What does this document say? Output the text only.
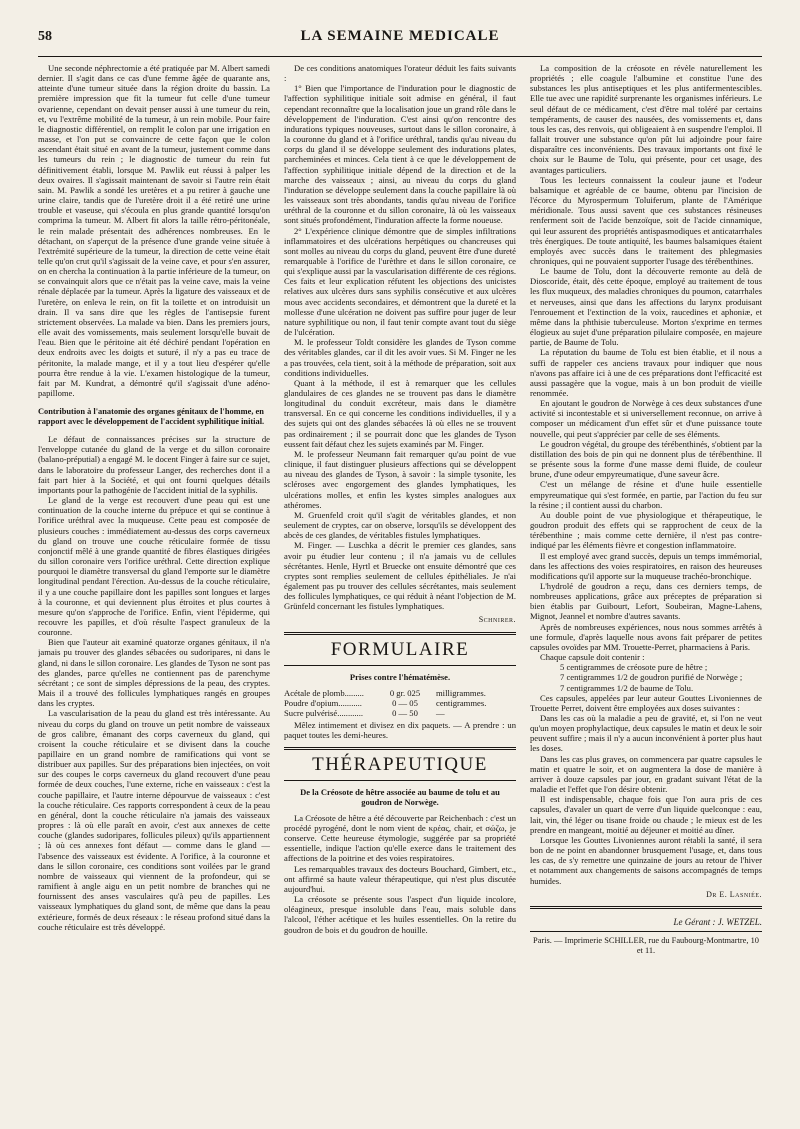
58	LA SEMAINE MEDICALE

Une seconde néphrectomie a été pratiquée par M. Albert samedi dernier. Il s'agit dans ce cas d'une femme âgée de quarante ans, atteinte d'une tumeur située dans la région droite du bassin. La première impression que fit la tumeur fut celle d'une tumeur ovarienne, cependant on devait penser aussi à une tumeur du rein, et, vu l'extrême mobilité de la tumeur, à un rein mobile. Pour faire le diagnostic différentiel, on remplit le colon par une irrigation en masse, et l'on put se convaincre de cette façon que le colon ascendant était situé en avant de la tumeur, justement comme dans les tumeurs du rein ; le diagnostic de tumeur du rein fut définitivement établi, lorsque M. Pawlik eut réussi à palper les deux ovaires. Il s'agissait maintenant de savoir si l'autre rein était sain. M. Pawlik a sondé les uretères et a pu retirer à gauche une urine claire, tandis que de l'uretère droit il a été retiré une urine trouble et vaseuse, qui s'écoula en plus grande quantité lorsqu'on comprima la tumeur. M. Albert fit alors la taille rétro-péritonéale, le rein malade présentait des adhérences nombreuses. En le détachant, on s'aperçut de la présence d'une grande veine située à l'extrémité supérieure de la tumeur, la direction de cette veine était telle qu'on crut qu'il s'agissait de la veine cave, et pour s'en assurer, on en chercha la continuation à la partie inférieure de la tumeur, on se convainquit alors que ce n'était pas la veine cave, mais la veine rénale déplacée par la tumeur. Après la ligature des vaisseaux et de l'uretère, on enleva le rein, on fit la toilette et on introduisit un drain. Il va sans dire que les règles de l'antisepsie furent strictement observées. La malade va bien. Dans les premiers jours, elle avait des vomissements, mais seulement lorsqu'elle buvait de l'eau. Bien que le péritoine ait été déchiré pendant l'opération en deux endroits avec les doigts et suturé, il n'y a pas eu trace de péritonite, la malade mange, et il y a tout lieu d'espérer qu'elle pourra être rendue à la vie. L'examen histologique de la tumeur, fait par M. Kundrat, a démontré qu'il s'agissait d'une adéno-papillome.

Contribution à l'anatomie des organes génitaux de l'homme, en rapport avec le développement de l'accident syphilitique initial.

Le défaut de connaissances précises sur la structure de l'enveloppe cutanée du gland de la verge et du sillon coronaire (balano-préputial) a engagé M. le docent Finger à faire sur ce sujet, dans le laboratoire du professeur Langer, des recherches dont il a fait part hier à la Société, et qui ont fourni quelques détails importants pour la pathogénie de l'accident initial de la syphilis.

Le gland de la verge est recouvert d'une peau qui est une continuation de la couche interne du prépuce et qui se continue à l'orifice uréthral avec la muqueuse. Cette peau est composée de plusieurs couches : immédiatement au-dessus des corps caverneux du gland on trouve une couche réticulaire formée de tissu conjonctif mêlé à une grande quantité de fibres élastiques dirigées du sillon coronaire vers l'orifice uréthral. Cette direction explique pourquoi le diamètre transversal du gland l'emporte sur le diamètre longitudinal pendant l'érection. Au-dessus de la couche réticulaire, il y a une couche papillaire dont les papilles sont longues et larges à la couronne, et qui deviennent plus étroites et plus courtes à mesure qu'on s'approche de l'orifice. Enfin, vient l'épiderme, qui recouvre les papilles, et d'où résulte l'aspect granuleux de la couronne.

Bien que l'auteur ait examiné quatorze organes génitaux, il n'a jamais pu trouver des glandes sébacées ou sudoripares, ni dans le gland, ni dans le sillon coronaire. Les glandes de Tyson ne sont pas des glandes, parce qu'elles ne contiennent pas de parenchyme sécrétant ; ce sont de simples dépressions de la peau, des cryptes. Mais il a trouvé des follicules lymphatiques rangés en groupes dans les cryptes.

La vascularisation de la peau du gland est très intéressante. Au niveau du corps du gland on trouve un petit nombre de vaisseaux de gros calibre, émanant des corps caverneux du gland, qui croisent la couche réticulaire et se divisent dans la couche papillaire en un grand nombre de ramifications qui vont se distribuer aux papilles. Sur des préparations bien injectées, on voit sur des coupes le corps caverneux du gland recouvert d'une peau formée de deux couches, l'une externe, riche en vaisseaux : c'est la couche papillaire, et l'autre interne dépourvue de vaisseaux : c'est la couche réticulaire. Ces rapports correspondent à ceux de la peau en général, dont la couche réticulaire n'a jamais des vaisseaux propres : là où elle paraît en avoir, c'est aux annexes de cette couche (glandes sudoripares, follicules pileux) qu'ils appartiennent ; là où ces annexes font défaut — comme dans le gland — l'absence des vaisseaux est évidente. A l'orifice, à la couronne et dans le sillon coronaire, ces conditions sont voilées par le grand nombre de vaisseaux qui viennent de la profondeur, qui se ramifient à angle aigu en un petit nombre de branches qui ne fournissent des anses vasculaires qu'à peu de papilles. Les vaisseaux lymphatiques du gland sont, de même que dans la peau extérieure, formés de deux réseaux : le réseau profond situé dans la couche réticulaire est très développé.

De ces conditions anatomiques l'orateur déduit les faits suivants :

1° Bien que l'importance de l'induration pour le diagnostic de l'affection syphilitique initiale soit admise en général, il faut cependant reconnaître que la localisation joue un grand rôle dans le développement de l'induration. C'est ainsi qu'on rencontre des indurations typiques nouveuses, surtout dans le sillon coronaire, à la couronne du gland et à l'orifice uréthral, tandis qu'au niveau du corps du gland il se développe seulement des indurations plates, parcheminées et minces. Cela tient à ce que le développement de l'affection syphilitique initiale dépend de la direction et de la marche des vaisseaux ; ainsi, au niveau du corps du gland l'induration se développe seulement dans la couche papillaire là où les vaisseaux sont très abondants, tandis qu'au niveau de l'orifice uréthral de la couronne et du sillon coronaire, là où les vaisseaux sont situés profondément, l'induration affecte la forme noueuse.

2° L'expérience clinique démontre que de simples infiltrations inflammatoires et des ulcérations herpétiques ou chancreuses qui sont molles au niveau du corps du gland, peuvent être d'une dureté remarquable à l'orifice de l'urèthre et dans le sillon coronaire, ce qui s'explique aussi par la vascularisation différente de ces régions. Ces faits et leur explication réfutent les objections des unicistes relatives aux ulcères durs sans syphilis consécutive et aux ulcères mous avec accidents secondaires, et démontrent que la dureté et la mollesse d'une ulcération ne doivent pas suffire pour juger de leur nature syphilitique ou non, il faut tenir compte avant tout du siège de l'ulcération.

M. le professeur Toldt considère les glandes de Tyson comme des véritables glandes, car il dit les avoir vues. Si M. Finger ne les a pas trouvées, cela tient, soit à la méthode de préparation, soit aux conditions individuelles.

Quant à la méthode, il est à remarquer que les cellules glandulaires de ces glandes ne se trouvent pas dans le diamètre longitudinal du conduit excréteur, mais dans le diamètre transversal. En ce qui concerne les conditions individuelles, il y a des sujets qui ont des glandes sébacées là où elles ne se trouvent pas ordinairement ; il se pourrait donc que les glandes de Tyson eussent fait défaut chez les sujets examinés par M. Finger.

M. le professeur Neumann fait remarquer qu'au point de vue clinique, il faut distinguer plusieurs affections qui se développent au niveau des glandes de Tyson, à savoir : la simple tysonite, les scléroses avec engorgement des glandes lymphatiques, les ulcérations molles, et enfin les kystes simples analogues aux athéromes.

M. Gruenfeld croit qu'il s'agit de véritables glandes, et non seulement de cryptes, car on observe, lorsqu'ils se développent des abcès de ces glandes, de véritables fistules lymphatiques.

M. Finger. — Luschka a décrit le premier ces glandes, sans avoir pu étudier leur contenu ; il n'a jamais vu de cellules sécrétantes. Henle, Hyrtl et Bruecke ont ensuite démontré que ces cryptes sont remplies seulement de cellules épithéliales. Je n'ai également pas pu trouver des cellules sécrétantes, mais seulement des follicules lymphatiques, ce qui réduit à néant l'objection de M. Grünfeld concernant les fistules lymphatiques.

Schnirer.
FORMULAIRE
Prises contre l'hématémèse.
Acétale de plomb.........	0 gr. 025	milligrammes.
Poudre d'opium...........	0 — 05	centigrammes.
Sucre pulvérisé............	0 — 50	—

Mêlez intimement et divisez en dix paquets. — A prendre : un paquet toutes les demi-heures.

THÉRAPEUTIQUE
De la Créosote de hêtre associée au baume de tolu et au goudron de Norwège.

La Créosote de hêtre a été découverte par Reichenbach : c'est un procédé pyrogéné, dont le nom vient de κρέας, chair, et σώζω, je conserve. Cette heureuse étymologie, suggérée par sa propriété essentielle, indique l'action qu'elle exerce dans le traitement des affections de la poitrine et des voies respiratoires.

Les remarquables travaux des docteurs Bouchard, Gimbert, etc., ont affirmé sa haute valeur thérapeutique, qui n'est plus discutée aujourd'hui.

La créosote se présente sous l'aspect d'un liquide incolore, oléagineux, presque insoluble dans l'eau, mais soluble dans l'alcool, l'éther acétique et les huiles essentielles. On la retire du goudron de bois et du goudron de houille.

La composition de la créosote en révèle naturellement les propriétés ; elle coagule l'albumine et constitue l'une des substances les plus antiseptiques et les plus antifermentescibles. Elle tue avec une rapidité surprenante les organismes inférieurs. Le seul défaut de ce médicament, c'est d'être mal toléré par certains tempéraments, de causer des nausées, des vomissements et, dans tous les cas, des renvois, qui obligeaient à en suspendre l'emploi. Il fallait trouver une substance qu'on pût lui adjoindre pour faire disparaître ces inconvénients. Des travaux importants ont fixé le choix sur le Baume de Tolu, qui présente, pour cet usage, des avantages particuliers.

Tous les lecteurs connaissent la couleur jaune et l'odeur balsamique et agréable de ce baume, obtenu par l'incision de l'écorce du Myrospermum Toluiferum, plante de l'Amérique méridionale. Tous aussi savent que ces substances résineuses renferment soit de l'acide benzoïque, soit de l'acide cinnamique, qui leur assurent des propriétés antispasmodiques et anticatarrhales très énergiques. De toute antiquité, les baumes balsamiques étaient employés avec succès dans le traitement des phlegmasies chroniques, qui ne pouvaient supporter l'usage des térébenthines.

Le baume de Tolu, dont la découverte remonte au delà de Dioscoride, était, dès cette époque, employé au traitement de tous les flux muqueux, des maladies chroniques du poumon, catarrhales et nerveuses, ainsi que dans les affections du larynx produisant l'enrouement et l'extinction de la voix, raucedines et aphoniæ, et même dans la phthisie tuberculeuse. Morton s'exprime en termes élogieux au sujet d'une préparation pilulaire composée, en majeure partie, de Baume de Tolu.

La réputation du baume de Tolu est bien établie, et il nous a suffi de rappeler ces anciens travaux pour indiquer que nous n'avons pas affaire ici à une de ces préparations dont l'efficacité est aussi passagère que la vogue, mais à un bon produit de vieille renommée.

En ajoutant le goudron de Norwège à ces deux substances d'une activité si incontestable et si universellement reconnue, on arrive à composer un médicament d'un effet sûr et d'une puissance toute nouvelle, qui peut s'apprécier par celle de ses éléments.

Le goudron végétal, du groupe des térébenthinés, s'obtient par la distillation des bois de pin qui ne donnent plus de térébenthine. Il se présente sous la forme d'une masse demi fluide, de couleur brune, d'une odeur empyreumatique, d'une saveur âcre.

C'est un mélange de résine et d'une huile essentielle empyreumatique qui s'est formée, en partie, par l'action du feu sur la résine ; il contient aussi du charbon.

Au double point de vue physiologique et thérapeutique, le goudron produit des effets qui se rapprochent de ceux de la térébenthine ; mais comme cette dernière, il n'est pas contre-indiqué par les éléments fièvre et congestion inflammatoire.

Il est employé avec grand succès, depuis un temps immémorial, dans les affections des voies respiratoires, en raison des heureuses modifications qu'il apporte sur la muqueuse trachéo-bronchique.

L'hydrolé de goudron a reçu, dans ces derniers temps, de nombreuses applications, grâce aux préceptes de préparation si bien établis par Guibourt, Lefort, Soubeiran, Magne-Lahens, Mignot, Jeannel et nombre d'autres savants.

Après de nombreuses expériences, nous nous sommes arrêtés à une formule, d'après laquelle nous avons fait préparer de petites capsules ovoïdes par MM. Trouette-Perret, pharmaciens à Paris.

Chaque capsule doit contenir :

5 centigrammes de créosote pure de hêtre ;

7 centigrammes 1/2 de goudron purifié de Norwège ;

7 centigrammes 1/2 de baume de Tolu.

Ces capsules, appelées par leur auteur Gouttes Livoniennes de Trouette Perret, doivent être employées aux doses suivantes :

Dans les cas où la maladie a peu de gravité, et, si l'on ne veut qu'un moyen prophylactique, deux capsules le matin et deux le soir peuvent suffire ; mais il n'y a aucun inconvénient à porter plus haut les doses.

Dans les cas plus graves, on commencera par quatre capsules le matin et quatre le soir, et on augmentera la dose de manière à arriver à douze capsules par jour, en gradant suivant l'état de la maladie et l'effet que l'on désire obtenir.

Il est indispensable, chaque fois que l'on aura pris de ces capsules, d'avaler un quart de verre d'un liquide quelconque : eau, lait, vin, thé léger ou tisane froide ou chaude ; le mieux est de les prendre en mangeant, moitié au déjeuner et moitié au dîner.

Lorsque les Gouttes Livoniennes auront rétabli la santé, il sera bon de ne point en abandonner brusquement l'usage, et, dans tous les cas, de s'y remettre une quinzaine de jours au retour de l'hiver et notamment aux changements de saisons accompagnés de temps humides.

Dr E. Lasniée.
Le Gérant : J. WETZEL.
Paris. — Imprimerie SCHILLER, rue du Faubourg-Montmartre, 10 et 11.
